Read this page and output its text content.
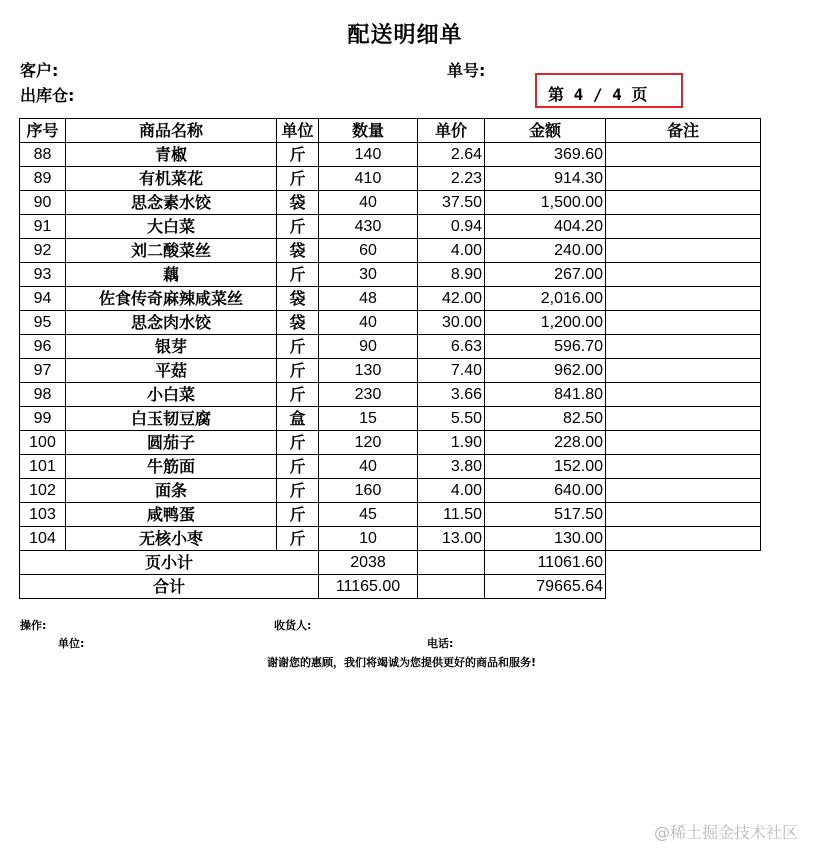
配送明细单
客户:	单号:
出库仓:	第 4 / 4 页
序号	商品名称	单位	数量	单价	金额	备注
88	青椒	斤	140	2.64	369.60	
89	有机菜花	斤	410	2.23	914.30	
90	思念素水饺	袋	40	37.50	1,500.00	
91	大白菜	斤	430	0.94	404.20	
92	刘二酸菜丝	袋	60	4.00	240.00	
93	藕	斤	30	8.90	267.00	
94	佐食传奇麻辣咸菜丝	袋	48	42.00	2,016.00	
95	思念肉水饺	袋	40	30.00	1,200.00	
96	银芽	斤	90	6.63	596.70	
97	平菇	斤	130	7.40	962.00	
98	小白菜	斤	230	3.66	841.80	
99	白玉韧豆腐	盒	15	5.50	82.50	
100	圆茄子	斤	120	1.90	228.00	
101	牛筋面	斤	40	3.80	152.00	
102	面条	斤	160	4.00	640.00	
103	咸鸭蛋	斤	45	11.50	517.50	
104	无核小枣	斤	10	13.00	130.00	
页小计			2038		11061.60	
合计			11165.00		79665.64	
操作:	收货人:
单位:	电话:
谢谢您的惠顾，我们将竭诚为您提供更好的商品和服务!
@稀土掘金技术社区
